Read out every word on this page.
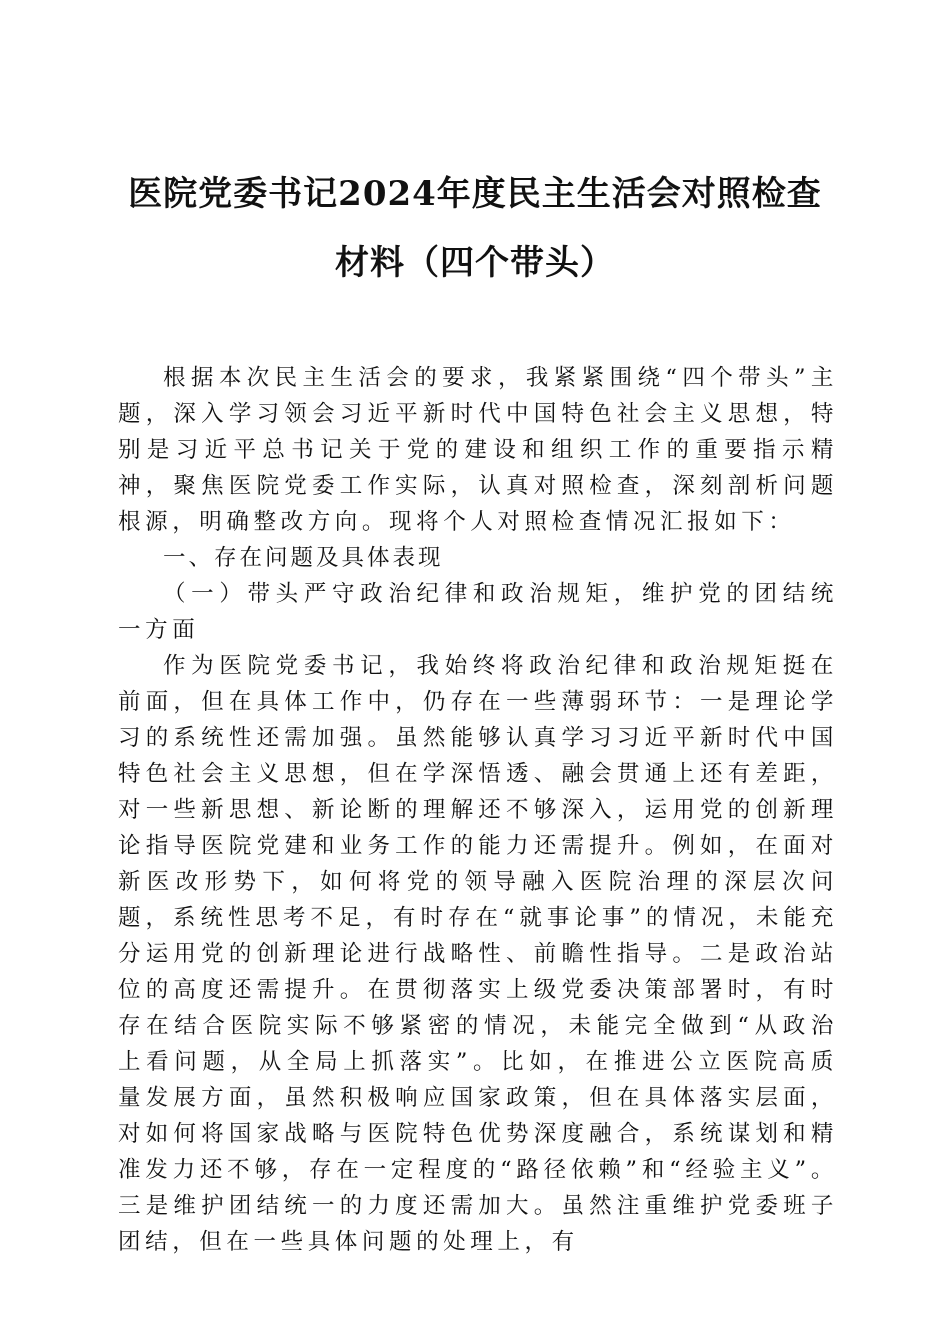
医院党委书记2024年度民主生活会对照检查
材料（四个带头）

根据本次民主生活会的要求，我紧紧围绕“四个带头”主题，深入学习领会习近平新时代中国特色社会主义思想，特别是习近平总书记关于党的建设和组织工作的重要指示精神，聚焦医院党委工作实际，认真对照检查，深刻剖析问题根源，明确整改方向。现将个人对照检查情况汇报如下：

一、存在问题及具体表现
（一）带头严守政治纪律和政治规矩，维护党的团结统一方面

作为医院党委书记，我始终将政治纪律和政治规矩挺在前面，但在具体工作中，仍存在一些薄弱环节：一是理论学习的系统性还需加强。虽然能够认真学习习近平新时代中国特色社会主义思想，但在学深悟透、融会贯通上还有差距，对一些新思想、新论断的理解还不够深入，运用党的创新理论指导医院党建和业务工作的能力还需提升。例如，在面对新医改形势下，如何将党的领导融入医院治理的深层次问题，系统性思考不足，有时存在“就事论事”的情况，未能充分运用党的创新理论进行战略性、前瞻性指导。二是政治站位的高度还需提升。在贯彻落实上级党委决策部署时，有时存在结合医院实际不够紧密的情况，未能完全做到“从政治上看问题，从全局上抓落实”。比如，在推进公立医院高质量发展方面，虽然积极响应国家政策，但在具体落实层面，对如何将国家战略与医院特色优势深度融合，系统谋划和精准发力还不够，存在一定程度的“路径依赖”和“经验主义”。三是维护团结统一的力度还需加大。虽然注重维护党委班子团结，但在一些具体问题的处理上，有
